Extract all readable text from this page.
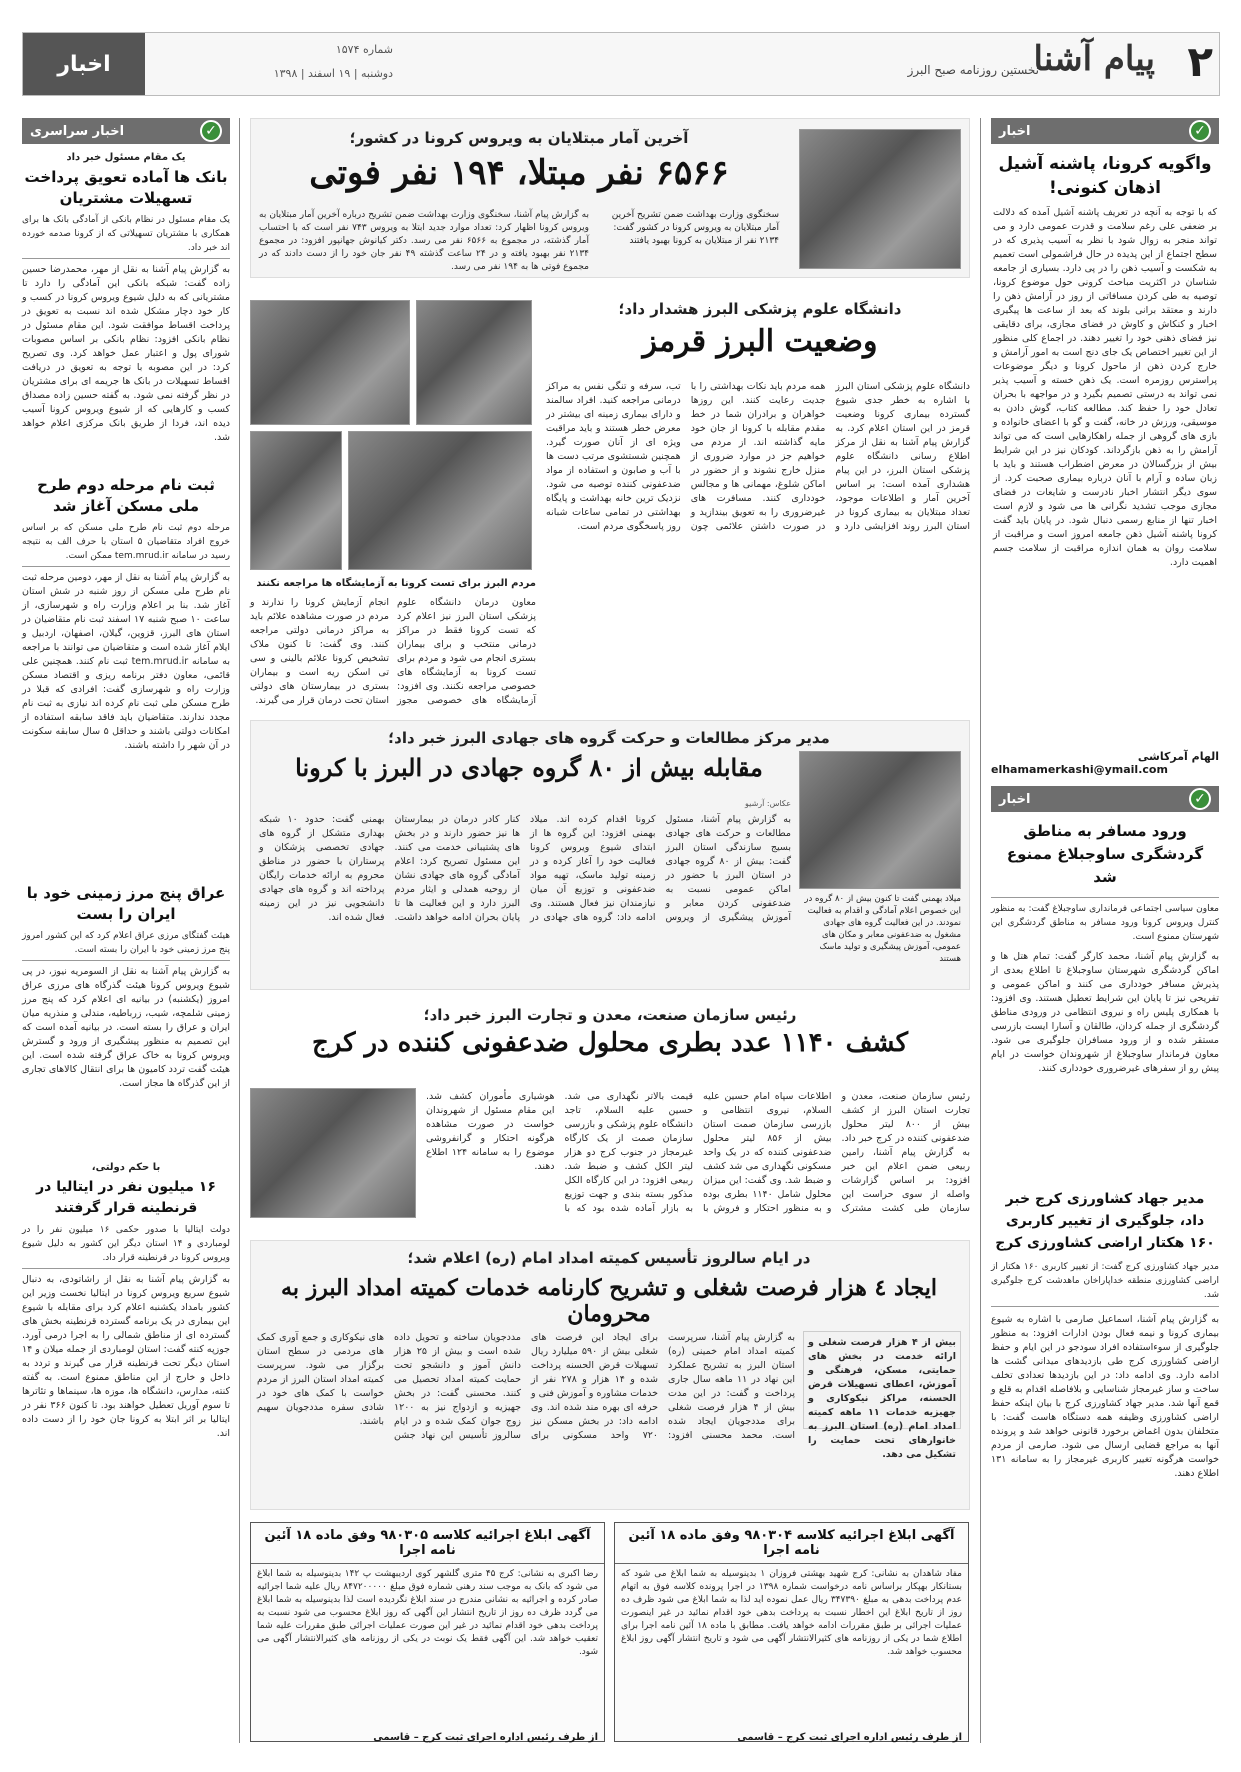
۲
پیام آشنا
نخستین روزنامه صبح البرز
شماره ۱۵۷۴
دوشنبه | ۱۹ اسفند | ۱۳۹۸
اخبار
✓
اخبار
واگویه کرونا، پاشنه آشیل اذهان کنونی!
که با توجه به آنچه در تعریف پاشنه آشیل آمده که دلالت بر ضعفی علی رغم سلامت و قدرت عمومی دارد و می تواند منجر به زوال شود با نظر به آسیب پذیری که در سطح اجتماع از این پدیده در حال فراشمولی است تعمیم به شکست و آسیب ذهن را در پی دارد. بسیاری از جامعه شناسان در اکثریت مباحث کرونی حول موضوع کرونا، توصیه به طی کردن مسافاتی از روز در آرامش ذهن را دارند و معتقد برانی بلوند که بعد از ساعت ها پیگیری اخبار و کنکاش و کاوش در فضای مجازی، برای دقایقی نیز فضای ذهنی خود را تغییر دهند. در اجماع کلی منظور از این تغییر اختصاص یک جای دنج است به امور آرامش و خارج کردن ذهن از ماحول کرونا و دیگر موضوعات پراسترس روزمره است. یک ذهن خسته و آسیب پذیر نمی تواند به درستی تصمیم بگیرد و در مواجهه با بحران تعادل خود را حفظ کند. مطالعه کتاب، گوش دادن به موسیقی، ورزش در خانه، گفت و گو با اعضای خانواده و بازی های گروهی از جمله راهکارهایی است که می تواند آرامش را به ذهن بازگرداند. کودکان نیز در این شرایط بیش از بزرگسالان در معرض اضطراب هستند و باید با زبان ساده و آرام با آنان درباره بیماری صحبت کرد. از سوی دیگر انتشار اخبار نادرست و شایعات در فضای مجازی موجب تشدید نگرانی ها می شود و لازم است اخبار تنها از منابع رسمی دنبال شود. در پایان باید گفت کرونا پاشنه آشیل ذهن جامعه امروز است و مراقبت از سلامت روان به همان اندازه مراقبت از سلامت جسم اهمیت دارد.
الهام آمرکاشی
elhamamerkashi@ymail.com
✓
اخبار
ورود مسافر به مناطق گردشگری ساوجبلاغ ممنوع شد
معاون سیاسی اجتماعی فرمانداری ساوجبلاغ گفت: به منظور کنترل ویروس کرونا ورود مسافر به مناطق گردشگری این شهرستان ممنوع است.
به گزارش پیام آشنا، محمد کارگر گفت: تمام هتل ها و اماکن گردشگری شهرستان ساوجبلاغ تا اطلاع بعدی از پذیرش مسافر خودداری می کنند و اماکن عمومی و تفریحی نیز تا پایان این شرایط تعطیل هستند. وی افزود: با همکاری پلیس راه و نیروی انتظامی در ورودی مناطق گردشگری از جمله کردان، طالقان و آسارا ایست بازرسی مستقر شده و از ورود مسافران جلوگیری می شود. معاون فرماندار ساوجبلاغ از شهروندان خواست در ایام پیش رو از سفرهای غیرضروری خودداری کنند.
مدیر جهاد کشاورزی کرج خبر داد، جلوگیری از تغییر کاربری ۱۶۰ هکتار اراضی کشاورزی کرج
مدیر جهاد کشاورزی کرج گفت: از تغییر کاربری ۱۶۰ هکتار از اراضی کشاورزی منطقه خداپاراخان ماهدشت کرج جلوگیری شد.
به گزارش پیام آشنا، اسماعیل صارمی با اشاره به شیوع بیماری کرونا و نیمه فعال بودن ادارات افزود: به منظور جلوگیری از سوءاستفاده افراد سودجو در این ایام و حفظ اراضی کشاورزی کرج طی بازدیدهای میدانی گشت ها ادامه دارد. وی ادامه داد: در این بازدیدها تعدادی تخلف ساخت و ساز غیرمجاز شناسایی و بلافاصله اقدام به قلع و قمع آنها شد. مدیر جهاد کشاورزی کرج با بیان اینکه حفظ اراضی کشاورزی وظیفه همه دستگاه هاست گفت: با متخلفان بدون اغماض برخورد قانونی خواهد شد و پرونده آنها به مراجع قضایی ارسال می شود. صارمی از مردم خواست هرگونه تغییر کاربری غیرمجاز را به سامانه ۱۳۱ اطلاع دهند.
✓
اخبار سراسری
یک مقام مسئول خبر داد
بانک ها آماده تعویق پرداخت تسهیلات مشتریان
یک مقام مسئول در نظام بانکی از آمادگی بانک ها برای همکاری با مشتریان تسهیلاتی که از کرونا صدمه خورده اند خبر داد.
به گزارش پیام آشنا به نقل از مهر، محمدرضا حسین زاده گفت: شبکه بانکی این آمادگی را دارد تا مشتریانی که به دلیل شیوع ویروس کرونا در کسب و کار خود دچار مشکل شده اند نسبت به تعویق در پرداخت اقساط موافقت شود. این مقام مسئول در نظام بانکی افزود: نظام بانکی بر اساس مصوبات شورای پول و اعتبار عمل خواهد کرد. وی تصریح کرد: در این مصوبه با توجه به تعویق در دریافت اقساط تسهیلات در بانک ها جریمه ای برای مشتریان در نظر گرفته نمی شود. به گفته حسین زاده مصداق کسب و کارهایی که از شیوع ویروس کرونا آسیب دیده اند، فردا از طریق بانک مرکزی اعلام خواهد شد.
ثبت نام مرحله دوم طرح ملی مسکن آغاز شد
مرحله دوم ثبت نام طرح ملی مسکن که بر اساس خروج افراد متقاضیان ۵ استان با حرف الف به نتیجه رسید در سامانه tem.mrud.ir ممکن است.
به گزارش پیام آشنا به نقل از مهر، دومین مرحله ثبت نام طرح ملی مسکن از روز شنبه در شش استان آغاز شد. بنا بر اعلام وزارت راه و شهرسازی، از ساعت ۱۰ صبح شنبه ۱۷ اسفند ثبت نام متقاضیان در استان های البرز، قزوین، گیلان، اصفهان، اردبیل و ایلام آغاز شده است و متقاضیان می توانند با مراجعه به سامانه tem.mrud.ir ثبت نام کنند. همچنین علی قائمی، معاون دفتر برنامه ریزی و اقتصاد مسکن وزارت راه و شهرسازی گفت: افرادی که قبلا در طرح مسکن ملی ثبت نام کرده اند نیازی به ثبت نام مجدد ندارند. متقاضیان باید فاقد سابقه استفاده از امکانات دولتی باشند و حداقل ۵ سال سابقه سکونت در آن شهر را داشته باشند.
عراق پنج مرز زمینی خود با ایران را بست
هیئت گفتگای مرزی عراق اعلام کرد که این کشور امروز پنج مرز زمینی خود با ایران را بسته است.
به گزارش پیام آشنا به نقل از السومریه نیوز، در پی شیوع ویروس کرونا هیئت گذرگاه های مرزی عراق امروز (یکشنبه) در بیانیه ای اعلام کرد که پنج مرز زمینی شلمچه، شیب، زرباطیه، مندلی و منذریه میان ایران و عراق را بسته است. در بیانیه آمده است که این تصمیم به منظور پیشگیری از ورود و گسترش ویروس کرونا به خاک عراق گرفته شده است. این هیئت گفت تردد کامیون ها برای انتقال کالاهای تجاری از این گذرگاه ها مجاز است.
با حکم دولتی،
۱۶ میلیون نفر در ایتالیا در قرنطینه قرار گرفتند
دولت ایتالیا با صدور حکمی ۱۶ میلیون نفر را در لومباردی و ۱۴ استان دیگر این کشور به دلیل شیوع ویروس کرونا در قرنطینه قرار داد.
به گزارش پیام آشنا به نقل از راشاتودی، به دنبال شیوع سریع ویروس کرونا در ایتالیا نخست وزیر این کشور بامداد یکشنبه اعلام کرد برای مقابله با شیوع این بیماری در یک برنامه گسترده قرنطینه بخش های گسترده ای از مناطق شمالی را به اجرا درمی آورد. جوزپه کنته گفت: استان لومباردی از جمله میلان و ۱۴ استان دیگر تحت قرنطینه قرار می گیرند و تردد به داخل و خارج از این مناطق ممنوع است. به گفته کنته، مدارس، دانشگاه ها، موزه ها، سینماها و تئاترها تا سوم آوریل تعطیل خواهند بود. تا کنون ۳۶۶ نفر در ایتالیا بر اثر ابتلا به کرونا جان خود را از دست داده اند.
آخرین آمار مبتلایان به ویروس کرونا در کشور؛
۶۵۶۶ نفر مبتلا، ۱۹۴ نفر فوتی
سخنگوی وزارت بهداشت ضمن تشریح آخرین آمار مبتلایان به ویروس کرونا در کشور گفت: ۲۱۳۴ نفر از مبتلایان به کرونا بهبود یافتند
به گزارش پیام آشنا، سخنگوی وزارت بهداشت ضمن تشریح درباره آخرین آمار مبتلایان به ویروس کرونا اظهار کرد: تعداد موارد جدید ابتلا به ویروس ۷۴۳ نفر است که با احتساب آمار گذشته، در مجموع به ۶۵۶۶ نفر می رسد. دکتر کیانوش جهانپور افزود: در مجموع ۲۱۳۴ نفر بهبود یافته و در ۲۴ ساعت گذشته ۴۹ نفر جان خود را از دست دادند که در مجموع فوتی ها به ۱۹۴ نفر می رسد.
دانشگاه علوم پزشکی البرز هشدار داد؛
وضعیت البرز قرمز
دانشگاه علوم پزشکی استان البرز با اشاره به خطر جدی شیوع گسترده بیماری کرونا وضعیت قرمز در این استان اعلام کرد. به گزارش پیام آشنا به نقل از مرکز اطلاع رسانی دانشگاه علوم پزشکی استان البرز، در این پیام هشداری آمده است: بر اساس آخرین آمار و اطلاعات موجود، تعداد مبتلایان به بیماری کرونا در استان البرز روند افزایشی دارد و همه مردم باید نکات بهداشتی را با جدیت رعایت کنند. این روزها خواهران و برادران شما در خط مقدم مقابله با کرونا از جان خود مایه گذاشته اند. از مردم می خواهیم جز در موارد ضروری از منزل خارج نشوند و از حضور در اماکن شلوغ، مهمانی ها و مجالس خودداری کنند. مسافرت های غیرضروری را به تعویق بیندازید و در صورت داشتن علائمی چون تب، سرفه و تنگی نفس به مراکز درمانی مراجعه کنید. افراد سالمند و دارای بیماری زمینه ای بیشتر در معرض خطر هستند و باید مراقبت ویژه ای از آنان صورت گیرد. همچنین شستشوی مرتب دست ها با آب و صابون و استفاده از مواد ضدعفونی کننده توصیه می شود. نزدیک ترین خانه بهداشت و پایگاه بهداشتی در تمامی ساعات شبانه روز پاسخگوی مردم است.
مردم البرز برای تست کرونا به آزمایشگاه ها مراجعه نکنند
معاون درمان دانشگاه علوم پزشکی استان البرز نیز اعلام کرد که تست کرونا فقط در مراکز درمانی منتخب و برای بیماران بستری انجام می شود و مردم برای تست کرونا به آزمایشگاه های خصوصی مراجعه نکنند. وی افزود: آزمایشگاه های خصوصی مجوز انجام آزمایش کرونا را ندارند و مردم در صورت مشاهده علائم باید به مراکز درمانی دولتی مراجعه کنند. وی گفت: تا کنون ملاک تشخیص کرونا علائم بالینی و سی تی اسکن ریه است و بیماران بستری در بیمارستان های دولتی استان تحت درمان قرار می گیرند.
مدیر مرکز مطالعات و حرکت گروه های جهادی البرز خبر داد؛
مقابله بیش از ۸۰ گروه جهادی در البرز با کرونا
میلاد بهمنی گفت تا کنون بیش از ۸۰ گروه در این خصوص اعلام آمادگی و اقدام به فعالیت نمودند. در این فعالیت گروه های جهادی مشغول به ضدعفونی معابر و مکان های عمومی، آموزش پیشگیری و تولید ماسک هستند
عکاس: آرشیو
به گزارش پیام آشنا، مسئول مطالعات و حرکت های جهادی بسیج سازندگی استان البرز گفت: بیش از ۸۰ گروه جهادی در استان البرز با حضور در اماکن عمومی نسبت به ضدعفونی کردن معابر و آموزش پیشگیری از ویروس کرونا اقدام کرده اند. میلاد بهمنی افزود: این گروه ها از ابتدای شیوع ویروس کرونا فعالیت خود را آغاز کرده و در زمینه تولید ماسک، تهیه مواد ضدعفونی و توزیع آن میان نیازمندان نیز فعال هستند. وی ادامه داد: گروه های جهادی در کنار کادر درمان در بیمارستان ها نیز حضور دارند و در بخش های پشتیبانی خدمت می کنند. این مسئول تصریح کرد: اعلام آمادگی گروه های جهادی نشان از روحیه همدلی و ایثار مردم البرز دارد و این فعالیت ها تا پایان بحران ادامه خواهد داشت. بهمنی گفت: حدود ۱۰ شبکه بهداری متشکل از گروه های جهادی تخصصی پزشکان و پرستاران با حضور در مناطق محروم به ارائه خدمات رایگان پرداخته اند و گروه های جهادی دانشجویی نیز در این زمینه فعال شده اند.
رئیس سازمان صنعت، معدن و تجارت البرز خبر داد؛
کشف ۱۱۴۰ عدد بطری محلول ضدعفونی کننده در کرج
رئیس سازمان صنعت، معدن و تجارت استان البرز از کشف بیش از ۸۰۰ لیتر محلول ضدعفونی کننده در کرج خبر داد. به گزارش پیام آشنا، رامین ربیعی ضمن اعلام این خبر افزود: بر اساس گزارشات واصله از سوی حراست این سازمان طی کشت مشترک اطلاعات سپاه امام حسین علیه السلام، نیروی انتظامی و بازرسی سازمان صمت استان بیش از ۸۵۶ لیتر محلول ضدعفونی کننده که در یک واحد مسکونی نگهداری می شد کشف و ضبط شد. وی گفت: این میزان محلول شامل ۱۱۴۰ بطری بوده و به منظور احتکار و فروش با قیمت بالاتر نگهداری می شد. حسین علیه السلام، تاجد دانشگاه علوم پزشکی و بازرسی سازمان صمت از یک کارگاه غیرمجاز در جنوب کرج دو هزار لیتر الکل کشف و ضبط شد. ربیعی افزود: در این کارگاه الکل مذکور بسته بندی و جهت توزیع به بازار آماده شده بود که با هوشیاری مأموران کشف شد. این مقام مسئول از شهروندان خواست در صورت مشاهده هرگونه احتکار و گرانفروشی موضوع را به سامانه ۱۲۴ اطلاع دهند.
در ایام سالروز تأسیس کمیته امداد امام (ره) اعلام شد؛
ایجاد ٤ هزار فرصت شغلی و تشریح کارنامه خدمات کمیته امداد البرز به محرومان
بیش از ۴ هزار فرصت شغلی و ارائه خدمت در بخش های حمایتی، مسکن، فرهنگی و آموزش، اعطای تسهیلات قرض الحسنه، مراکز نیکوکاری و جهیزیه خدمات ۱۱ ماهه کمیته امداد امام (ره) استان البرز به خانوارهای تحت حمایت را تشکیل می دهد.
به گزارش پیام آشنا، سرپرست کمیته امداد امام خمینی (ره) استان البرز به تشریح عملکرد این نهاد در ۱۱ ماهه سال جاری پرداخت و گفت: در این مدت بیش از ۴ هزار فرصت شغلی برای مددجویان ایجاد شده است. محمد محسنی افزود: برای ایجاد این فرصت های شغلی بیش از ۵۹۰ میلیارد ریال تسهیلات قرض الحسنه پرداخت شده و ۱۴ هزار و ۲۷۸ نفر از خدمات مشاوره و آموزش فنی و حرفه ای بهره مند شده اند. وی ادامه داد: در بخش مسکن نیز ۷۲۰ واحد مسکونی برای مددجویان ساخته و تحویل داده شده است و بیش از ۲۵ هزار دانش آموز و دانشجو تحت حمایت کمیته امداد تحصیل می کنند. محسنی گفت: در بخش جهیزیه و ازدواج نیز به ۱۲۰۰ زوج جوان کمک شده و در ایام سالروز تأسیس این نهاد جشن های نیکوکاری و جمع آوری کمک های مردمی در سطح استان برگزار می شود. سرپرست کمیته امداد استان البرز از مردم خواست با کمک های خود در شادی سفره مددجویان سهیم باشند.
آگهی ابلاغ اجرائیه کلاسه ۹۸۰۳۰۴ وفق ماده ۱۸ آئین نامه اجرا
مفاد شاهدان به نشانی: کرج شهید بهشتی فروزان ۱ بدینوسیله به شما ابلاغ می شود که بستانکار بهپکار براساس نامه درخواست شماره ۱۳۹۸ در اجرا پرونده کلاسه فوق به اتهام عدم پرداخت بدهی به مبلغ ۳۴۷۳۹۰ ریال عمل نموده اید لذا به شما ابلاغ می شود ظرف ده روز از تاریخ ابلاغ این اخطار نسبت به پرداخت بدهی خود اقدام نمائید در غیر اینصورت عملیات اجرائی بر طبق مقررات ادامه خواهد یافت. مطابق با ماده ۱۸ آئین نامه اجرا برای اطلاع شما در یکی از روزنامه های کثیرالانتشار آگهی می شود و تاریخ انتشار آگهی روز ابلاغ محسوب خواهد شد.
از طرف رئیس اداره اجرای ثبت کرج – قاسمی
آگهی ابلاغ اجرائیه کلاسه ۹۸۰۳۰۵ وفق ماده ۱۸ آئین نامه اجرا
رضا اکبری به نشانی: کرج ۴۵ متری گلشهر کوی اردیبهشت پ ۱۴۲ بدینوسیله به شما ابلاغ می شود که بانک به موجب سند رهنی شماره فوق مبلغ ۸۴۷۲۰۰۰۰۰ ریال علیه شما اجرائیه صادر کرده و اجرائیه به نشانی مندرج در سند ابلاغ نگردیده است لذا بدینوسیله به شما ابلاغ می گردد ظرف ده روز از تاریخ انتشار این آگهی که روز ابلاغ محسوب می شود نسبت به پرداخت بدهی خود اقدام نمائید در غیر این صورت عملیات اجرائی طبق مقررات علیه شما تعقیب خواهد شد. این آگهی فقط یک نوبت در یکی از روزنامه های کثیرالانتشار آگهی می شود.
از طرف رئیس اداره اجرای ثبت کرج – قاسمی
